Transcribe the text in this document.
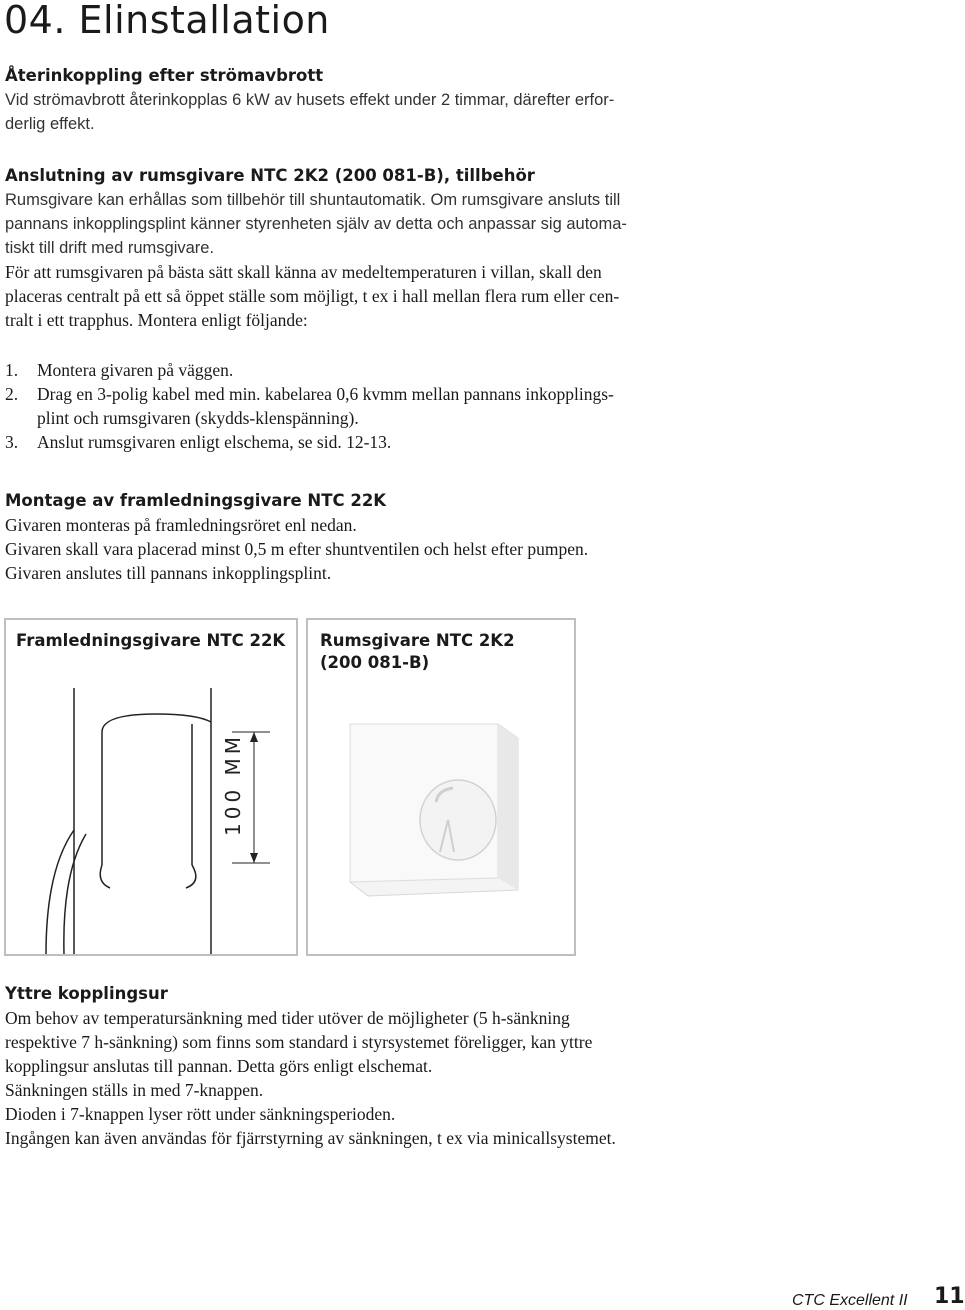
04. Elinstallation

Återinkoppling efter strömavbrott

Vid strömavbrott återinkopplas 6 kW av husets effekt under 2 timmar, därefter erfor-

derlig effekt.

Anslutning av rumsgivare NTC 2K2 (200 081-B), tillbehör

Rumsgivare kan erhållas som tillbehör till shuntautomatik. Om rumsgivare ansluts till

pannans inkopplingsplint känner styrenheten själv av detta och anpassar sig automa-

tiskt till drift med rumsgivare.

För att rumsgivaren på bästa sätt skall känna av medeltemperaturen i villan, skall den

placeras centralt på ett så öppet ställe som möjligt, t ex i hall mellan flera rum eller cen-

tralt i ett trapphus. Montera enligt följande:

1.	Montera givaren på väggen.
2.	Drag en 3-polig kabel med min. kabelarea 0,6 kvmm mellan pannans inkopplings-
plint och rumsgivaren (skydds-klenspänning).
3.	Anslut rumsgivaren enligt elschema, se sid. 12-13.

Montage av framledningsgivare NTC 22K

Givaren monteras på framledningsröret enl nedan.

Givaren skall vara placerad minst 0,5 m efter shuntventilen och helst efter pumpen.

Givaren anslutes till pannans inkopplingsplint.

Framledningsgivare NTC 22K

100 MM

Rumsgivare NTC 2K2
(200 081-B)

Yttre kopplingsur

Om behov av temperatursänkning med tider utöver de möjligheter (5 h-sänkning

respektive 7 h-sänkning) som finns som standard i styrsystemet föreligger, kan yttre

kopplingsur anslutas till pannan. Detta görs enligt elschemat.

Sänkningen ställs in med 7-knappen.

Dioden i 7-knappen lyser rött under sänkningsperioden.

Ingången kan även användas för fjärrstyrning av sänkningen, t ex via minicallsystemet.

CTC Excellent II 11
